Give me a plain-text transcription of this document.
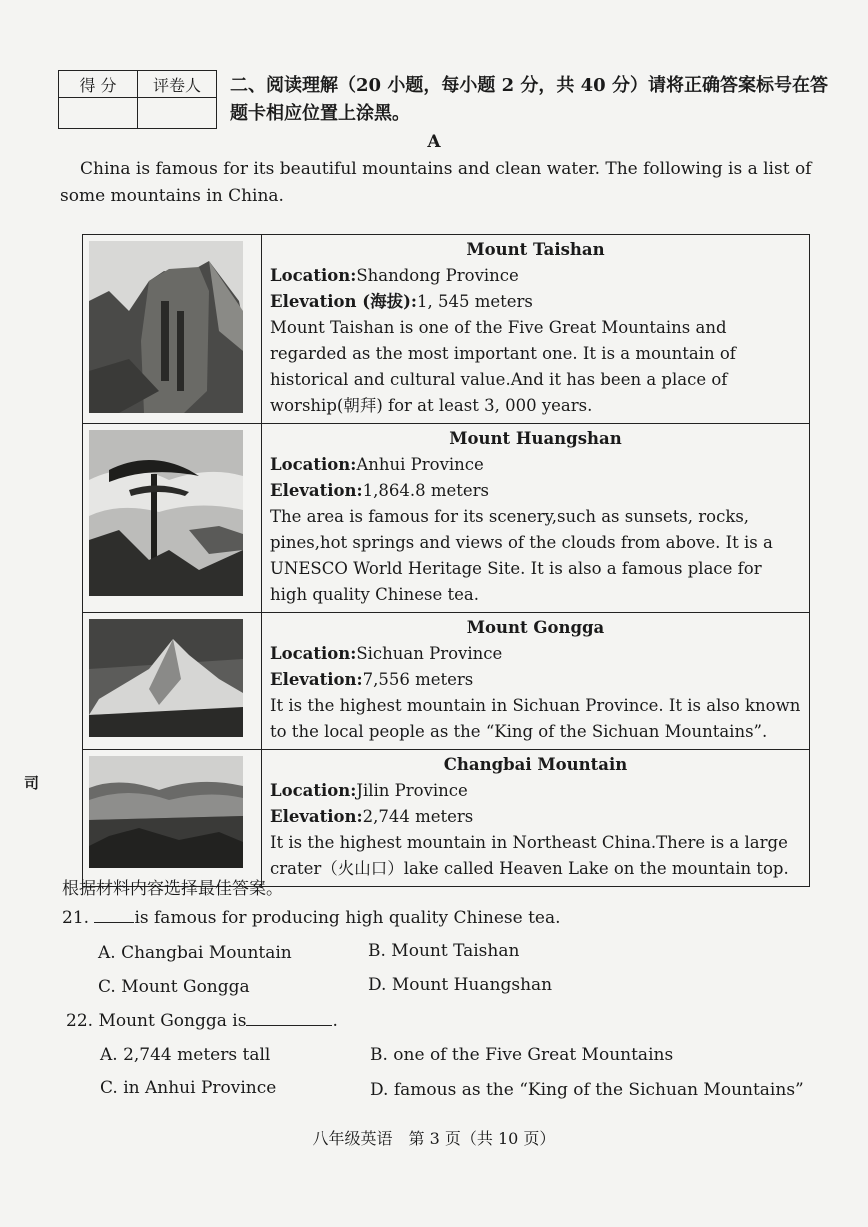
得 分	评卷人
	二、阅读理解（20 小题，每小题 2 分，共 40 分）请将正确答案标号在答题卡相应位置上涂黑。
A
China is famous for its beautiful mountains and clean water. The following is a list of some mountains in China.

Mount Taishan
Location:Shandong Province
Elevation (海拔):1, 545 meters
Mount Taishan is one of the Five Great Mountains and regarded as the most important one. It is a mountain of historical and cultural value.And it has been a place of worship(朝拜) for at least 3, 000 years.

Mount Huangshan
Location:Anhui Province
Elevation:1,864.8 meters
The area is famous for its scenery,such as sunsets, rocks, pines,hot springs and views of the clouds from above. It is a UNESCO World Heritage Site. It is also a famous place for high quality Chinese tea.

Mount Gongga
Location:Sichuan Province
Elevation:7,556 meters
It is the highest mountain in Sichuan Province. It is also known to the local people as the “King of the Sichuan Mountains”.

Changbai Mountain
Location:Jilin Province
Elevation:2,744 meters
It is the highest mountain in Northeast China.There is a large crater（火山口）lake called Heaven Lake on the mountain top.
司
根据材料内容选择最佳答案。
21.	is famous for producing high quality Chinese tea.
A. Changbai Mountain	B. Mount Taishan
C. Mount Gongga	D. Mount Huangshan
22. Mount Gongga is	.
A. 2,744 meters tall	B. one of the Five Great Mountains
C. in Anhui Province	D. famous as the “King of the Sichuan Mountains”
八年级英语　第 3 页（共 10 页）
